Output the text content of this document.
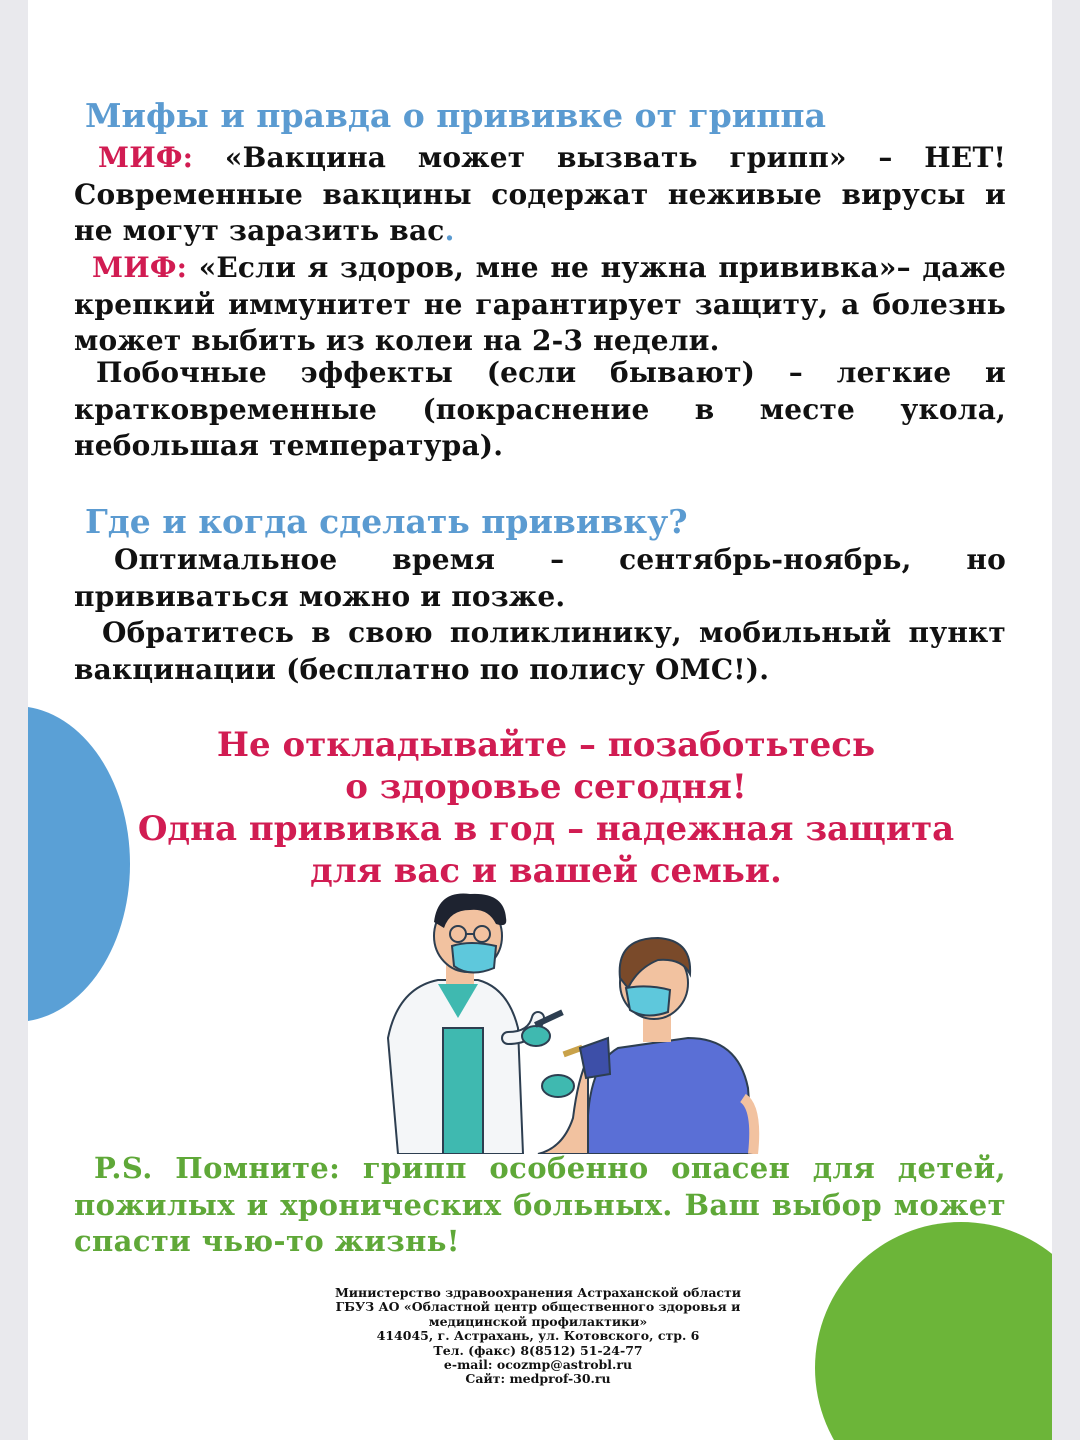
Мифы и правда о прививке от гриппа

МИФ: «Вакцина может вызвать грипп» – НЕТ! Современные вакцины содержат неживые вирусы и не могут заразить вас.

МИФ: «Если я здоров, мне не нужна прививка»– даже крепкий иммунитет не гарантирует защиту, а болезнь может выбить из колеи на 2-3 недели.

Побочные эффекты (если бывают) – легкие и кратковременные (покраснение в месте укола, небольшая температура).

Где и когда сделать прививку?

Оптимальное время – сентябрь-ноябрь, но прививаться можно и позже.

Обратитесь в свою поликлинику, мобильный пункт вакцинации (бесплатно по полису ОМС!).

Не откладывайте – позаботьтесь
о здоровье сегодня!
Одна прививка в год – надежная защита
для вас и вашей семьи.

P.S. Помните: грипп особенно опасен для детей, пожилых и хронических больных. Ваш выбор может спасти чью-то жизнь!

Министерство здравоохранения Астраханской области
ГБУЗ АО «Областной центр общественного здоровья и
медицинской профилактики»
414045, г. Астрахань, ул. Котовского, стр. 6
Тел. (факс) 8(8512) 51-24-77
e-mail: ocozmp@astrobl.ru
Сайт: medprof-30.ru
